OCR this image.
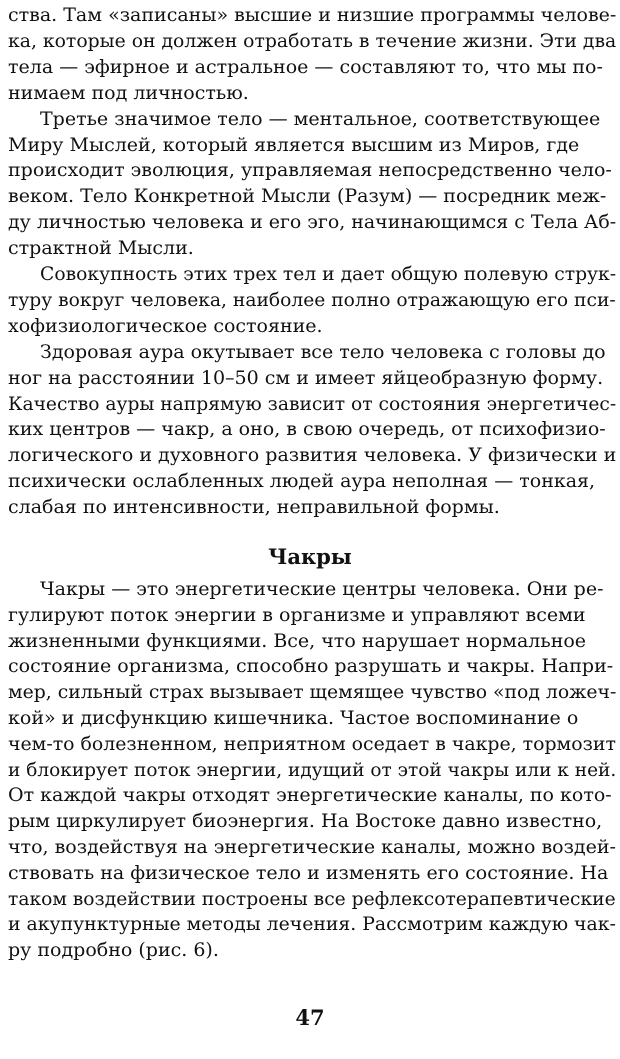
ства. Там «записаны» высшие и низшие программы челове-
ка, которые он должен отработать в течение жизни. Эти два
тела — эфирное и астральное — составляют то, что мы по-
нимаем под личностью.
Третье значимое тело — ментальное, соответствующее
Миру Мыслей, который является высшим из Миров, где
происходит эволюция, управляемая непосредственно чело-
веком. Тело Конкретной Мысли (Разум) — посредник меж-
ду личностью человека и его эго, начинающимся с Тела Аб-
страктной Мысли.
Совокупность этих трех тел и дает общую полевую струк-
туру вокруг человека, наиболее полно отражающую его пси-
хофизиологическое состояние.
Здоровая аура окутывает все тело человека с головы до
ног на расстоянии 10–50 см и имеет яйцеобразную форму.
Качество ауры напрямую зависит от состояния энергетичес-
ких центров — чакр, а оно, в свою очередь, от психофизио-
логического и духовного развития человека. У физически и
психически ослабленных людей аура неполная — тонкая,
слабая по интенсивности, неправильной формы.
Чакры
Чакры — это энергетические центры человека. Они ре-
гулируют поток энергии в организме и управляют всеми
жизненными функциями. Все, что нарушает нормальное
состояние организма, способно разрушать и чакры. Напри-
мер, сильный страх вызывает щемящее чувство «под ложеч-
кой» и дисфункцию кишечника. Частое воспоминание о
чем-то болезненном, неприятном оседает в чакре, тормозит
и блокирует поток энергии, идущий от этой чакры или к ней.
От каждой чакры отходят энергетические каналы, по кото-
рым циркулирует биоэнергия. На Востоке давно известно,
что, воздействуя на энергетические каналы, можно воздей-
ствовать на физическое тело и изменять его состояние. На
таком воздействии построены все рефлексотерапевтические
и акупунктурные методы лечения. Рассмотрим каждую чак-
ру подробно (рис. 6).
47
